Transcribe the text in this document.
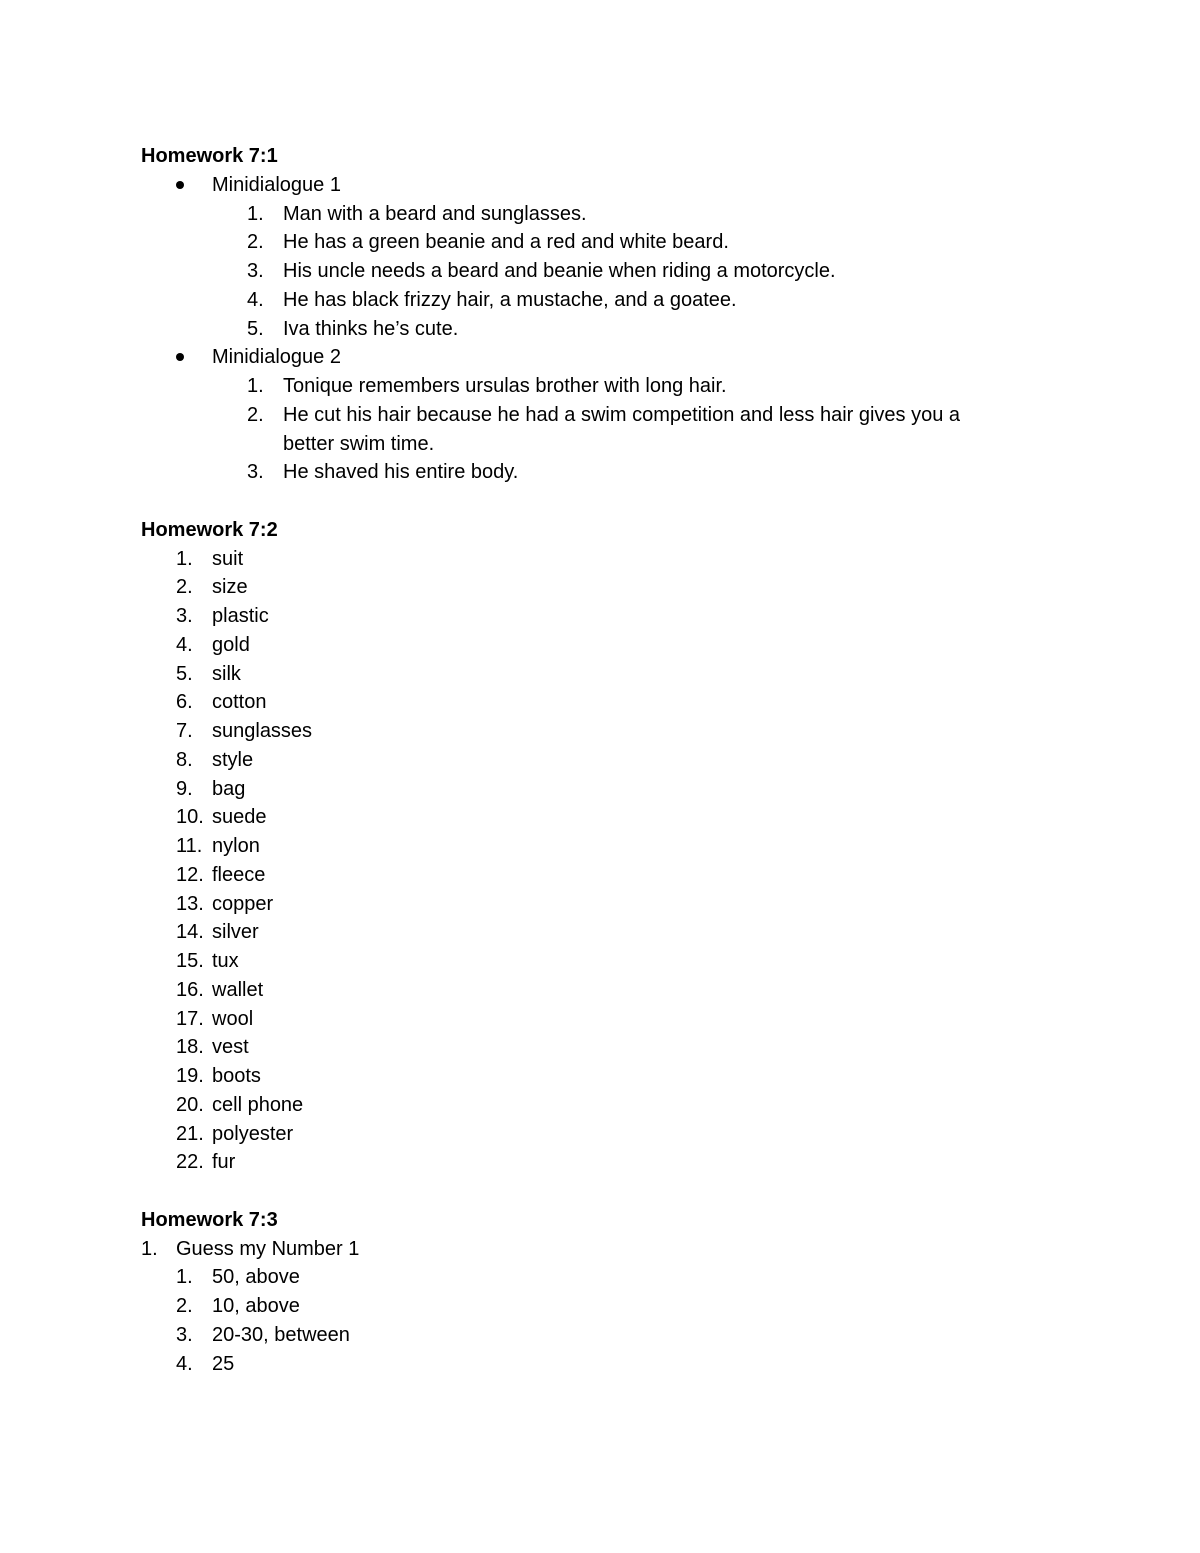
Homework 7:1
Minidialogue 1
1. Man with a beard and sunglasses.
2. He has a green beanie and a red and white beard.
3. His uncle needs a beard and beanie when riding a motorcycle.
4. He has black frizzy hair, a mustache, and a goatee.
5. Iva thinks he’s cute.
Minidialogue 2
1. Tonique remembers ursulas brother with long hair.
2. He cut his hair because he had a swim competition and less hair gives you a
better swim time.
3. He shaved his entire body.
Homework 7:2
1. suit
2. size
3. plastic
4. gold
5. silk
6. cotton
7. sunglasses
8. style
9. bag
10. suede
11. nylon
12. fleece
13. copper
14. silver
15. tux
16. wallet
17. wool
18. vest
19. boots
20. cell phone
21. polyester
22. fur
Homework 7:3
1. Guess my Number 1
1. 50, above
2. 10, above
3. 20-30, between
4. 25
